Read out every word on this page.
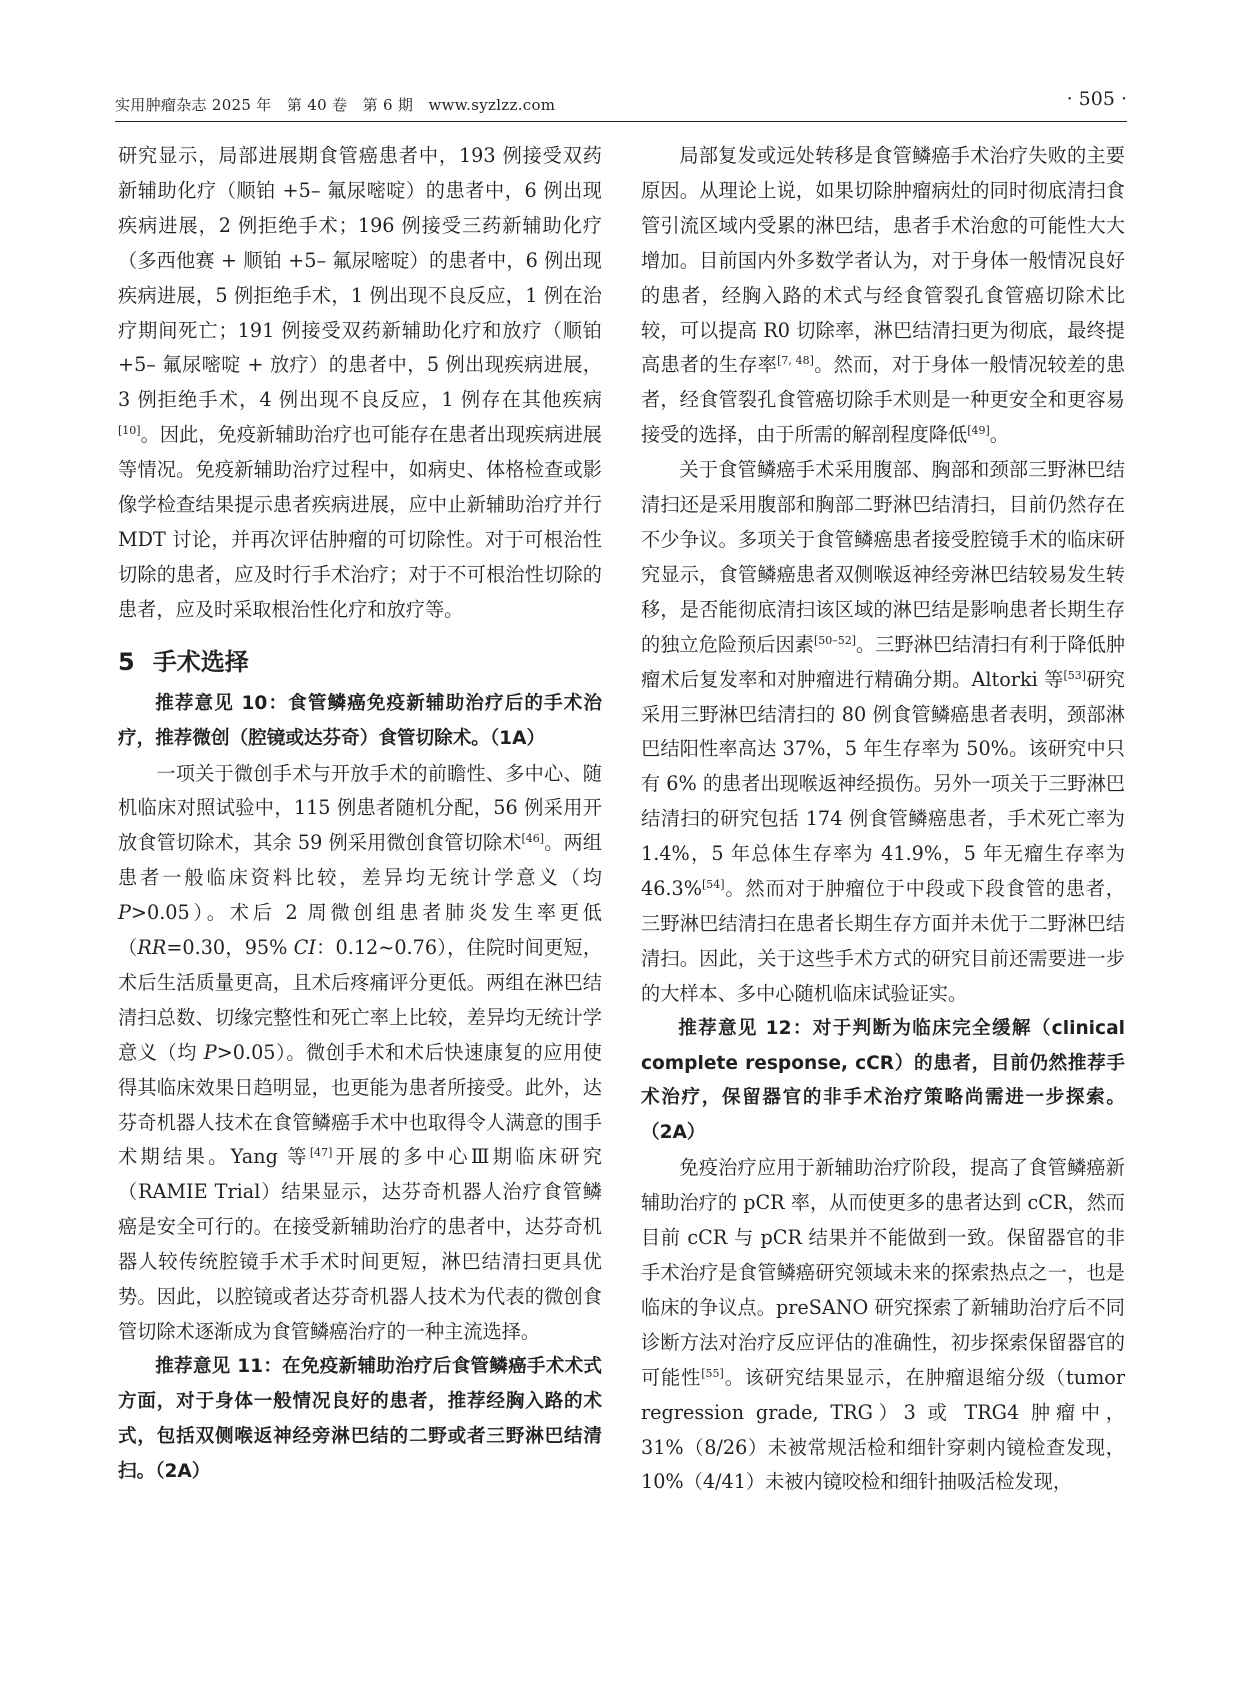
实用肿瘤杂志 2025 年　第 40 卷　第 6 期　www.syzlzz.com	· 505 ·

研究显示，局部进展期食管癌患者中，193 例接受双药新辅助化疗（顺铂 +5– 氟尿嘧啶）的患者中，6 例出现疾病进展，2 例拒绝手术；196 例接受三药新辅助化疗（多西他赛 + 顺铂 +5– 氟尿嘧啶）的患者中，6 例出现疾病进展，5 例拒绝手术，1 例出现不良反应，1 例在治疗期间死亡；191 例接受双药新辅助化疗和放疗（顺铂 +5– 氟尿嘧啶 + 放疗）的患者中，5 例出现疾病进展，3 例拒绝手术，4 例出现不良反应，1 例存在其他疾病[10]。因此，免疫新辅助治疗也可能存在患者出现疾病进展等情况。免疫新辅助治疗过程中，如病史、体格检查或影像学检查结果提示患者疾病进展，应中止新辅助治疗并行 MDT 讨论，并再次评估肿瘤的可切除性。对于可根治性切除的患者，应及时行手术治疗；对于不可根治性切除的患者，应及时采取根治性化疗和放疗等。

5 手术选择

推荐意见 10：食管鳞癌免疫新辅助治疗后的手术治疗，推荐微创（腔镜或达芬奇）食管切除术。（1A）

一项关于微创手术与开放手术的前瞻性、多中心、随机临床对照试验中，115 例患者随机分配，56 例采用开放食管切除术，其余 59 例采用微创食管切除术[46]。两组患者一般临床资料比较，差异均无统计学意义（均 P>0.05）。术后 2 周微创组患者肺炎发生率更低（RR=0.30，95% CI：0.12~0.76），住院时间更短，术后生活质量更高，且术后疼痛评分更低。两组在淋巴结清扫总数、切缘完整性和死亡率上比较，差异均无统计学意义（均 P>0.05）。微创手术和术后快速康复的应用使得其临床效果日趋明显，也更能为患者所接受。此外，达芬奇机器人技术在食管鳞癌手术中也取得令人满意的围手术期结果。Yang 等[47]开展的多中心Ⅲ期临床研究（RAMIE Trial）结果显示，达芬奇机器人治疗食管鳞癌是安全可行的。在接受新辅助治疗的患者中，达芬奇机器人较传统腔镜手术手术时间更短，淋巴结清扫更具优势。因此，以腔镜或者达芬奇机器人技术为代表的微创食管切除术逐渐成为食管鳞癌治疗的一种主流选择。

推荐意见 11：在免疫新辅助治疗后食管鳞癌手术术式方面，对于身体一般情况良好的患者，推荐经胸入路的术式，包括双侧喉返神经旁淋巴结的二野或者三野淋巴结清扫。（2A）

局部复发或远处转移是食管鳞癌手术治疗失败的主要原因。从理论上说，如果切除肿瘤病灶的同时彻底清扫食管引流区域内受累的淋巴结，患者手术治愈的可能性大大增加。目前国内外多数学者认为，对于身体一般情况良好的患者，经胸入路的术式与经食管裂孔食管癌切除术比较，可以提高 R0 切除率，淋巴结清扫更为彻底，最终提高患者的生存率[7, 48]。然而，对于身体一般情况较差的患者，经食管裂孔食管癌切除手术则是一种更安全和更容易接受的选择，由于所需的解剖程度降低[49]。

关于食管鳞癌手术采用腹部、胸部和颈部三野淋巴结清扫还是采用腹部和胸部二野淋巴结清扫，目前仍然存在不少争议。多项关于食管鳞癌患者接受腔镜手术的临床研究显示，食管鳞癌患者双侧喉返神经旁淋巴结较易发生转移，是否能彻底清扫该区域的淋巴结是影响患者长期生存的独立危险预后因素[50–52]。三野淋巴结清扫有利于降低肿瘤术后复发率和对肿瘤进行精确分期。Altorki 等[53]研究采用三野淋巴结清扫的 80 例食管鳞癌患者表明，颈部淋巴结阳性率高达 37%，5 年生存率为 50%。该研究中只有 6% 的患者出现喉返神经损伤。另外一项关于三野淋巴结清扫的研究包括 174 例食管鳞癌患者，手术死亡率为 1.4%，5 年总体生存率为 41.9%，5 年无瘤生存率为 46.3%[54]。然而对于肿瘤位于中段或下段食管的患者，三野淋巴结清扫在患者长期生存方面并未优于二野淋巴结清扫。因此，关于这些手术方式的研究目前还需要进一步的大样本、多中心随机临床试验证实。

推荐意见 12：对于判断为临床完全缓解（clinical complete response, cCR）的患者，目前仍然推荐手术治疗，保留器官的非手术治疗策略尚需进一步探索。（2A）

免疫治疗应用于新辅助治疗阶段，提高了食管鳞癌新辅助治疗的 pCR 率，从而使更多的患者达到 cCR，然而目前 cCR 与 pCR 结果并不能做到一致。保留器官的非手术治疗是食管鳞癌研究领域未来的探索热点之一，也是临床的争议点。preSANO 研究探索了新辅助治疗后不同诊断方法对治疗反应评估的准确性，初步探索保留器官的可能性[55]。该研究结果显示，在肿瘤退缩分级（tumor regression grade, TRG）3 或 TRG4 肿瘤中，31%（8/26）未被常规活检和细针穿刺内镜检查发现，10%（4/41）未被内镜咬检和细针抽吸活检发现，
